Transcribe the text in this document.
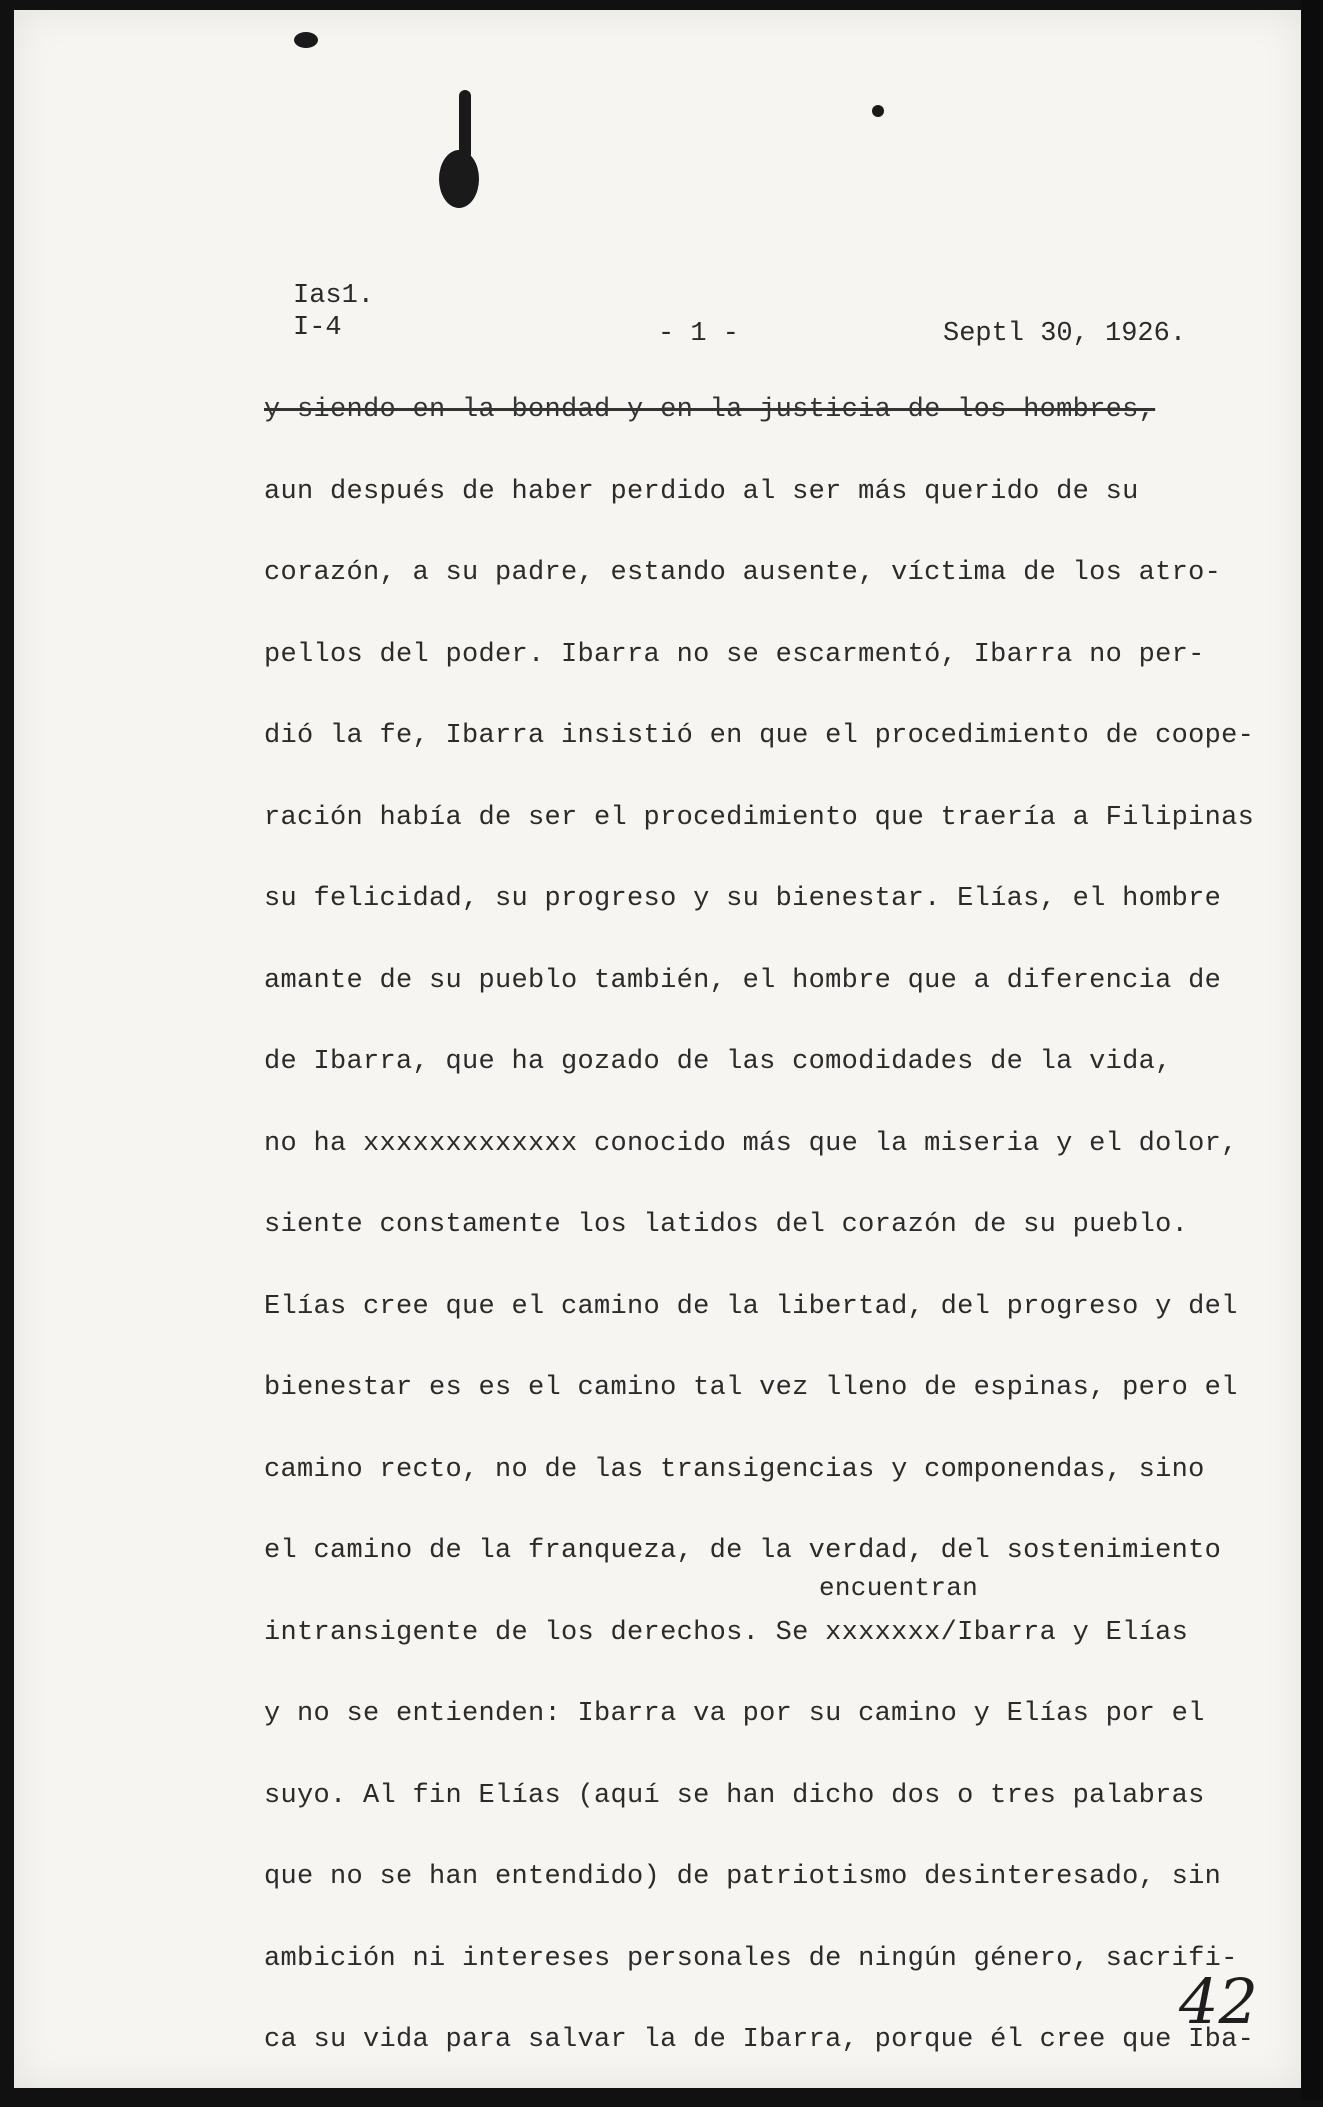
Ias1.
I-4	- 1 -	Septl 30, 1926.
y siendo en la bondad y en la justicia de los hombres,
aun después de haber perdido al ser más querido de su
corazón, a su padre, estando ausente, víctima de los atro-
pellos del poder. Ibarra no se escarmentó, Ibarra no per-
dió la fe, Ibarra insistió en que el procedimiento de coope-
ración había de ser el procedimiento que traería a Filipinas
su felicidad, su progreso y su bienestar. Elías, el hombre
amante de su pueblo también, el hombre que a diferencia de
de Ibarra, que ha gozado de las comodidades de la vida,
no ha xxxxxxxxxxxxx conocido más que la miseria y el dolor,
siente constamente los latidos del corazón de su pueblo.
Elías cree que el camino de la libertad, del progreso y del
bienestar es es el camino tal vez lleno de espinas, pero el
camino recto, no de las transigencias y componendas, sino
el camino de la franqueza, de la verdad, del sostenimiento
encuentran
intransigente de los derechos. Se xxxxxxx/Ibarra y Elías
y no se entienden: Ibarra va por su camino y Elías por el
suyo. Al fin Elías (aquí se han dicho dos o tres palabras
que no se han entendido) de patriotismo desinteresado, sin
ambición ni intereses personales de ningún género, sacrifi-
ca su vida para salvar la de Ibarra, porque él cree que Iba-
42
